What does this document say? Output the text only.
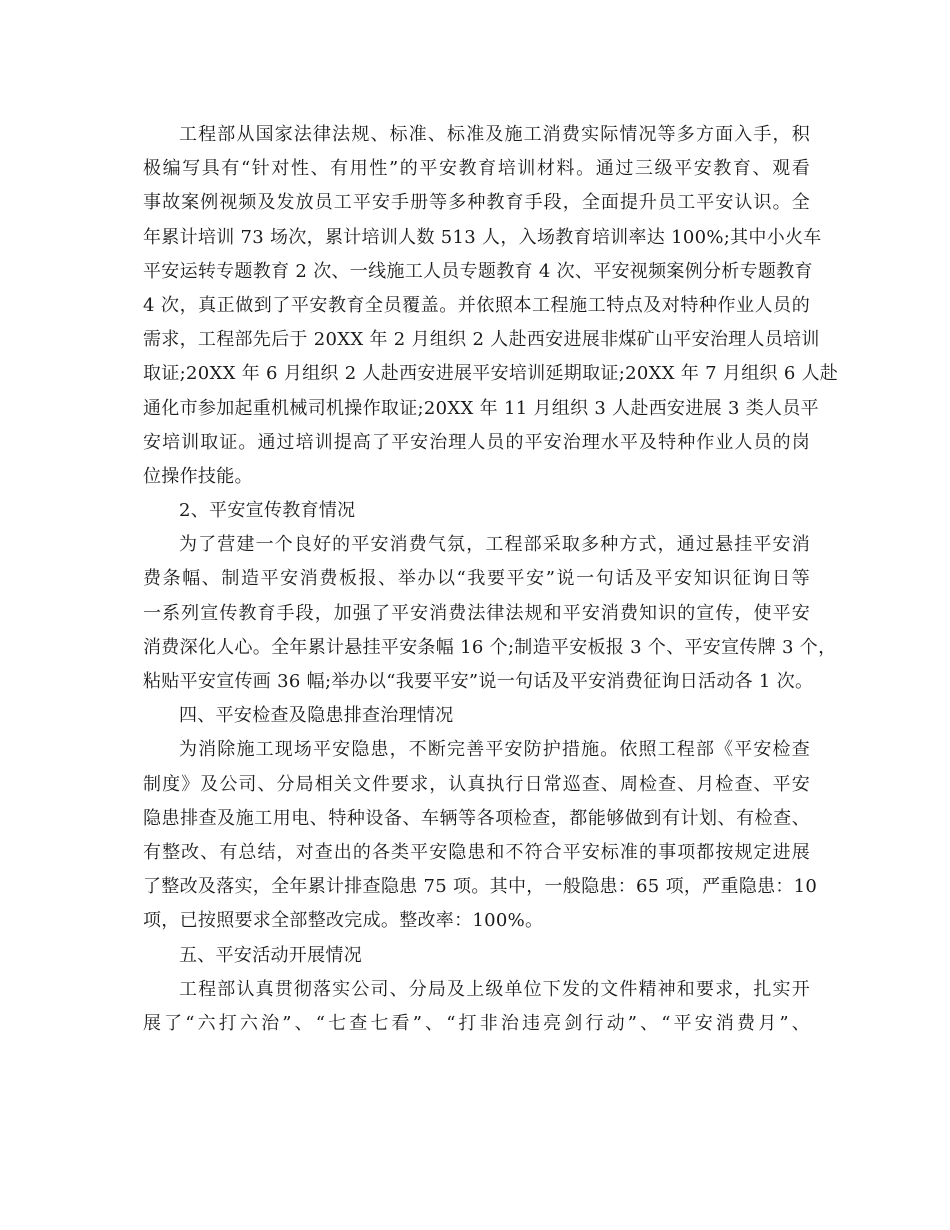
工程部从国家法律法规、标准、标准及施工消费实际情况等多方面入手，积
极编写具有“针对性、有用性”的平安教育培训材料。通过三级平安教育、观看
事故案例视频及发放员工平安手册等多种教育手段，全面提升员工平安认识。全
年累计培训 73 场次，累计培训人数 513 人，入场教育培训率达 100%;其中小火车
平安运转专题教育 2 次、一线施工人员专题教育 4 次、平安视频案例分析专题教育
4 次，真正做到了平安教育全员覆盖。并依照本工程施工特点及对特种作业人员的
需求，工程部先后于 20XX 年 2 月组织 2 人赴西安进展非煤矿山平安治理人员培训
取证;20XX 年 6 月组织 2 人赴西安进展平安培训延期取证;20XX 年 7 月组织 6 人赴
通化市参加起重机械司机操作取证;20XX 年 11 月组织 3 人赴西安进展 3 类人员平
安培训取证。通过培训提高了平安治理人员的平安治理水平及特种作业人员的岗
位操作技能。
2、平安宣传教育情况
为了营建一个良好的平安消费气氛，工程部采取多种方式，通过悬挂平安消
费条幅、制造平安消费板报、举办以“我要平安”说一句话及平安知识征询日等
一系列宣传教育手段，加强了平安消费法律法规和平安消费知识的宣传，使平安
消费深化人心。全年累计悬挂平安条幅 16 个;制造平安板报 3 个、平安宣传牌 3 个，
粘贴平安宣传画 36 幅;举办以“我要平安”说一句话及平安消费征询日活动各 1 次。
四、平安检查及隐患排查治理情况
为消除施工现场平安隐患，不断完善平安防护措施。依照工程部《平安检查
制度》及公司、分局相关文件要求，认真执行日常巡查、周检查、月检查、平安
隐患排查及施工用电、特种设备、车辆等各项检查，都能够做到有计划、有检查、
有整改、有总结，对查出的各类平安隐患和不符合平安标准的事项都按规定进展
了整改及落实，全年累计排查隐患 75 项。其中，一般隐患：65 项，严重隐患：10
项，已按照要求全部整改完成。整改率：100%。
五、平安活动开展情况
工程部认真贯彻落实公司、分局及上级单位下发的文件精神和要求，扎实开
展了“六打六治”、“七查七看”、“打非治违亮剑行动”、“平安消费月”、
